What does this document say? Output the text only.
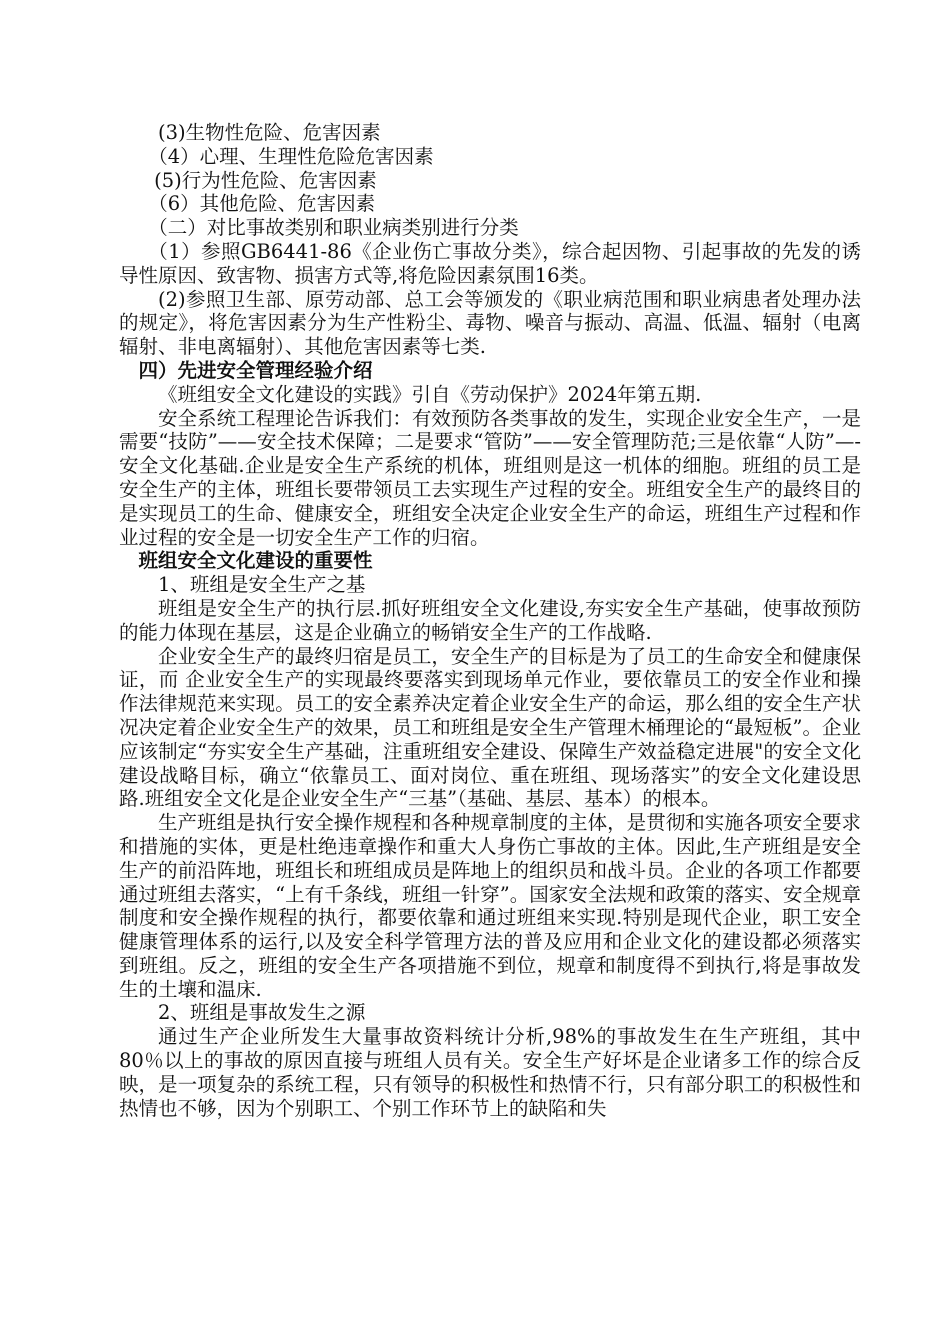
(3)生物性危险、危害因素

（4）心理、生理性危险危害因素

(5)行为性危险、危害因素

（6）其他危险、危害因素

（二）对比事故类别和职业病类别进行分类

（1）参照GB6441-86《企业伤亡事故分类》，综合起因物、引起事故的先发的诱导性原因、致害物、损害方式等,将危险因素氛围16类。

(2)参照卫生部、原劳动部、总工会等颁发的《职业病范围和职业病患者处理办法的规定》，将危害因素分为生产性粉尘、毒物、噪音与振动、高温、低温、辐射（电离辐射、非电离辐射）、其他危害因素等七类.

四）先进安全管理经验介绍

《班组安全文化建设的实践》引自《劳动保护》2024年第五期.

安全系统工程理论告诉我们：有效预防各类事故的发生，实现企业安全生产，一是需要“技防”——安全技术保障；二是要求“管防”——安全管理防范;三是依靠“人防”—-安全文化基础.企业是安全生产系统的机体，班组则是这一机体的细胞。班组的员工是安全生产的主体，班组长要带领员工去实现生产过程的安全。班组安全生产的最终目的是实现员工的生命、健康安全，班组安全决定企业安全生产的命运，班组生产过程和作业过程的安全是一切安全生产工作的归宿。

班组安全文化建设的重要性

1、班组是安全生产之基

班组是安全生产的执行层.抓好班组安全文化建设,夯实安全生产基础，使事故预防的能力体现在基层，这是企业确立的畅销安全生产的工作战略.

企业安全生产的最终归宿是员工，安全生产的目标是为了员工的生命安全和健康保证，而 企业安全生产的实现最终要落实到现场单元作业，要依靠员工的安全作业和操作法律规范来实现。员工的安全素养决定着企业安全生产的命运，那么组的安全生产状况决定着企业安全生产的效果，员工和班组是安全生产管理木桶理论的“最短板”。企业应该制定“夯实安全生产基础，注重班组安全建设、保障生产效益稳定进展"的安全文化建设战略目标，确立“依靠员工、面对岗位、重在班组、现场落实”的安全文化建设思路.班组安全文化是企业安全生产“三基”（基础、基层、基本）的根本。

生产班组是执行安全操作规程和各种规章制度的主体，是贯彻和实施各项安全要求和措施的实体，更是杜绝违章操作和重大人身伤亡事故的主体。因此,生产班组是安全生产的前沿阵地，班组长和班组成员是阵地上的组织员和战斗员。企业的各项工作都要通过班组去落实，“上有千条线，班组一针穿”。国家安全法规和政策的落实、安全规章制度和安全操作规程的执行，都要依靠和通过班组来实现.特别是现代企业，职工安全健康管理体系的运行,以及安全科学管理方法的普及应用和企业文化的建设都必须落实到班组。反之，班组的安全生产各项措施不到位，规章和制度得不到执行,将是事故发生的土壤和温床.

2、班组是事故发生之源

通过生产企业所发生大量事故资料统计分析,98%的事故发生在生产班组，其中80％以上的事故的原因直接与班组人员有关。安全生产好坏是企业诸多工作的综合反映，是一项复杂的系统工程，只有领导的积极性和热情不行，只有部分职工的积极性和热情也不够，因为个别职工、个别工作环节上的缺陷和失
